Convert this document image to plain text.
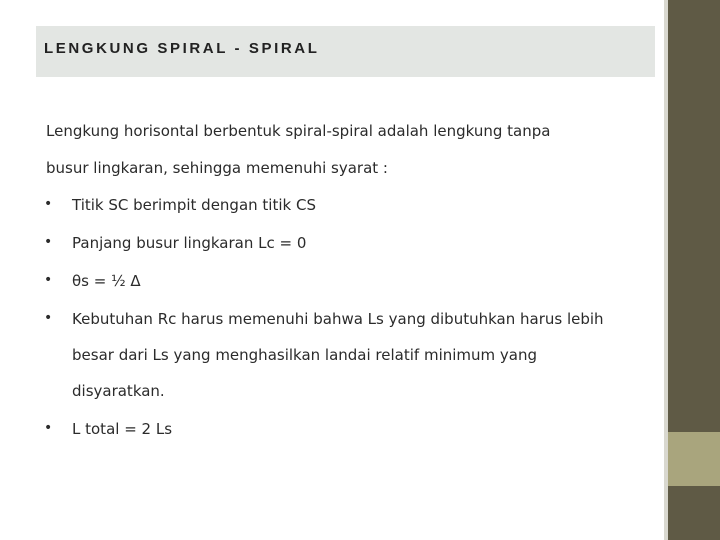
LENGKUNG SPIRAL - SPIRAL

Lengkung horisontal berbentuk spiral-spiral adalah lengkung tanpa

busur lingkaran, sehingga memenuhi syarat :

• Titik SC berimpit dengan titik CS
• Panjang busur lingkaran Lc = 0
• θs = ½ Δ
• Kebutuhan Rc harus memenuhi bahwa Ls yang dibutuhkan harus lebih besar dari Ls yang menghasilkan landai relatif minimum yang disyaratkan.
• L total = 2 Ls
